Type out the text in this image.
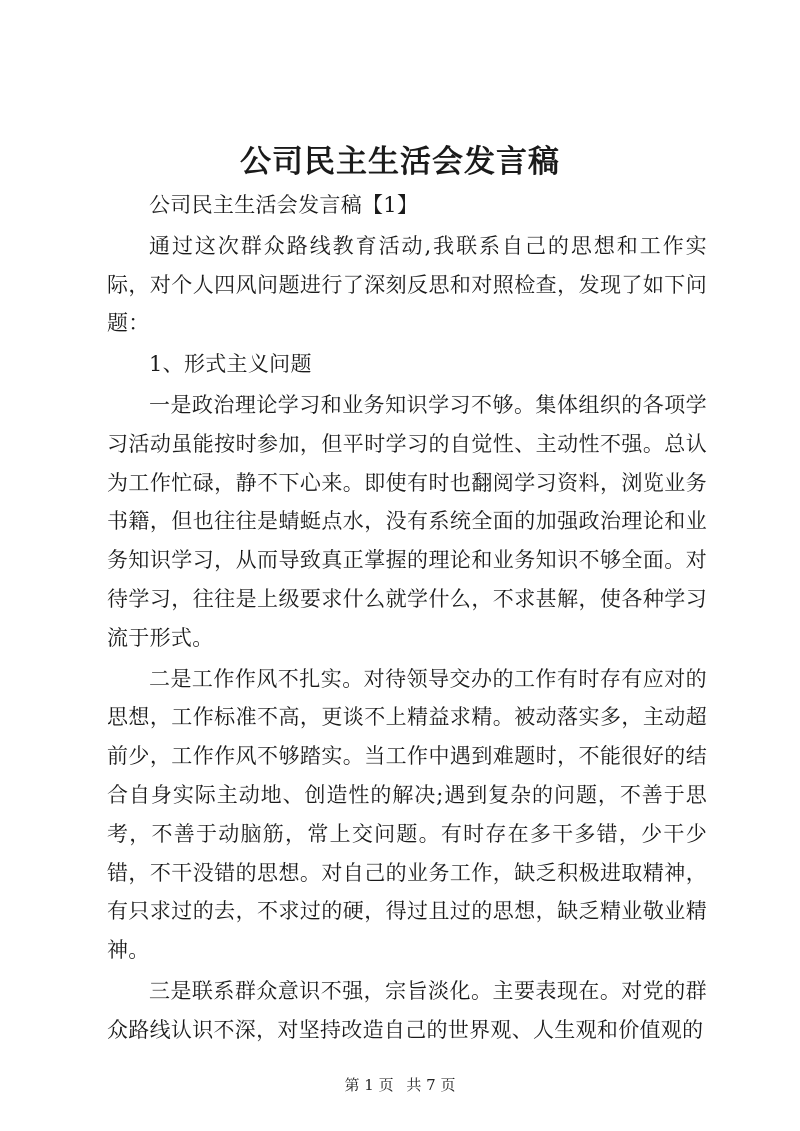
公司民主生活会发言稿

公司民主生活会发言稿【1】

通过这次群众路线教育活动,我联系自己的思想和工作实际，对个人四风问题进行了深刻反思和对照检查，发现了如下问题：

1、形式主义问题

一是政治理论学习和业务知识学习不够。集体组织的各项学习活动虽能按时参加，但平时学习的自觉性、主动性不强。总认为工作忙碌，静不下心来。即使有时也翻阅学习资料，浏览业务书籍，但也往往是蜻蜓点水，没有系统全面的加强政治理论和业务知识学习，从而导致真正掌握的理论和业务知识不够全面。对待学习，往往是上级要求什么就学什么，不求甚解，使各种学习流于形式。

二是工作作风不扎实。对待领导交办的工作有时存有应对的思想，工作标准不高，更谈不上精益求精。被动落实多，主动超前少，工作作风不够踏实。当工作中遇到难题时，不能很好的结合自身实际主动地、创造性的解决;遇到复杂的问题，不善于思考，不善于动脑筋，常上交问题。有时存在多干多错，少干少错，不干没错的思想。对自己的业务工作，缺乏积极进取精神，有只求过的去，不求过的硬，得过且过的思想，缺乏精业敬业精神。

三是联系群众意识不强，宗旨淡化。主要表现在。对党的群众路线认识不深，对坚持改造自己的世界观、人生观和价值观的

第 1 页 共 7 页
